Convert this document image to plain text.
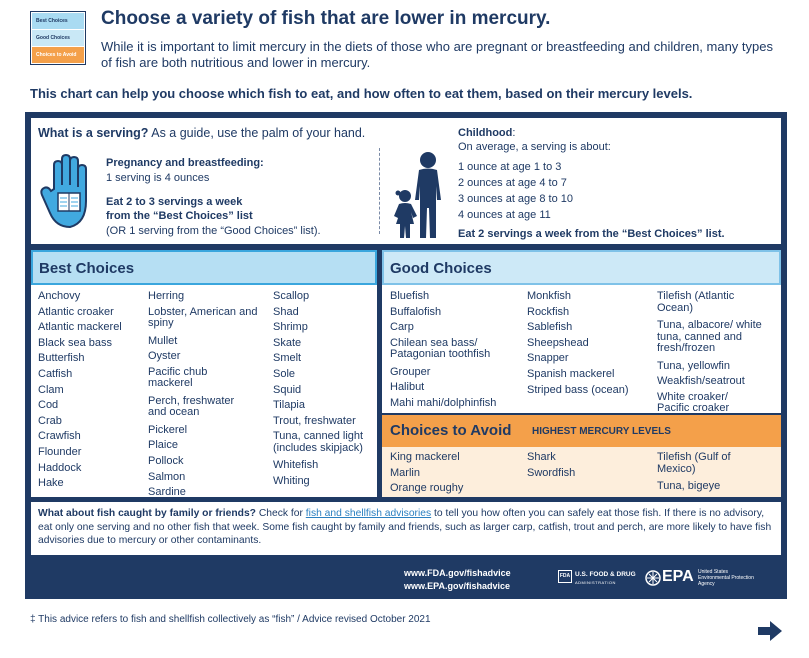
Best Choices
Good Choices
Choices to Avoid
Choose a variety of fish that are lower in mercury.
While it is important to limit mercury in the diets of those who are pregnant or breastfeeding and children, many types of fish are both nutritious and lower in mercury.
This chart can help you choose which fish to eat, and how often to eat them, based on their mercury levels.
What is a serving? As a guide, use the palm of your hand.
Pregnancy and breastfeeding:
1 serving is 4 ounces
Eat 2 to 3 servings a week
from the “Best Choices” list
(OR 1 serving from the “Good Choices” list).
Childhood:
On average, a serving is about:
1 ounce at age 1 to 3
2 ounces at age 4 to 7
3 ounces at age 8 to 10
4 ounces at age 11
Eat 2 servings a week from the “Best Choices” list.
Best Choices
Anchovy
Atlantic croaker
Atlantic mackerel
Black sea bass
Butterfish
Catfish
Clam
Cod
Crab
Crawfish
Flounder
Haddock
Hake
Herring
Lobster, American and spiny
Mullet
Oyster
Pacific chub mackerel
Perch, freshwater and ocean
Pickerel
Plaice
Pollock
Salmon
Sardine
Scallop
Shad
Shrimp
Skate
Smelt
Sole
Squid
Tilapia
Trout, freshwater
Tuna, canned light (includes skipjack)
Whitefish
Whiting
Good Choices
Bluefish
Buffalofish
Carp
Chilean sea bass/ Patagonian toothfish
Grouper
Halibut
Mahi mahi/dolphinfish
Monkfish
Rockfish
Sablefish
Sheepshead
Snapper
Spanish mackerel
Striped bass (ocean)
Tilefish (Atlantic Ocean)
Tuna, albacore/ white tuna, canned and fresh/frozen
Tuna, yellowfin
Weakfish/seatrout
White croaker/ Pacific croaker
Choices to Avoid HIGHEST MERCURY LEVELS
King mackerel
Marlin
Orange roughy
Shark
Swordfish
Tilefish (Gulf of Mexico)
Tuna, bigeye
What about fish caught by family or friends? Check for fish and shellfish advisories to tell you how often you can safely eat those fish. If there is no advisory, eat only one serving and no other fish that week. Some fish caught by family and friends, such as larger carp, catfish, trout and perch, are more likely to have fish advisories due to mercury or other contaminants.
www.FDA.gov/fishadvice
www.EPA.gov/fishadvice
FDA U.S. FOOD & DRUG
ADMINISTRATION	EPA United States
Environmental Protection
Agency
‡ This advice refers to fish and shellfish collectively as “fish” / Advice revised October 2021
